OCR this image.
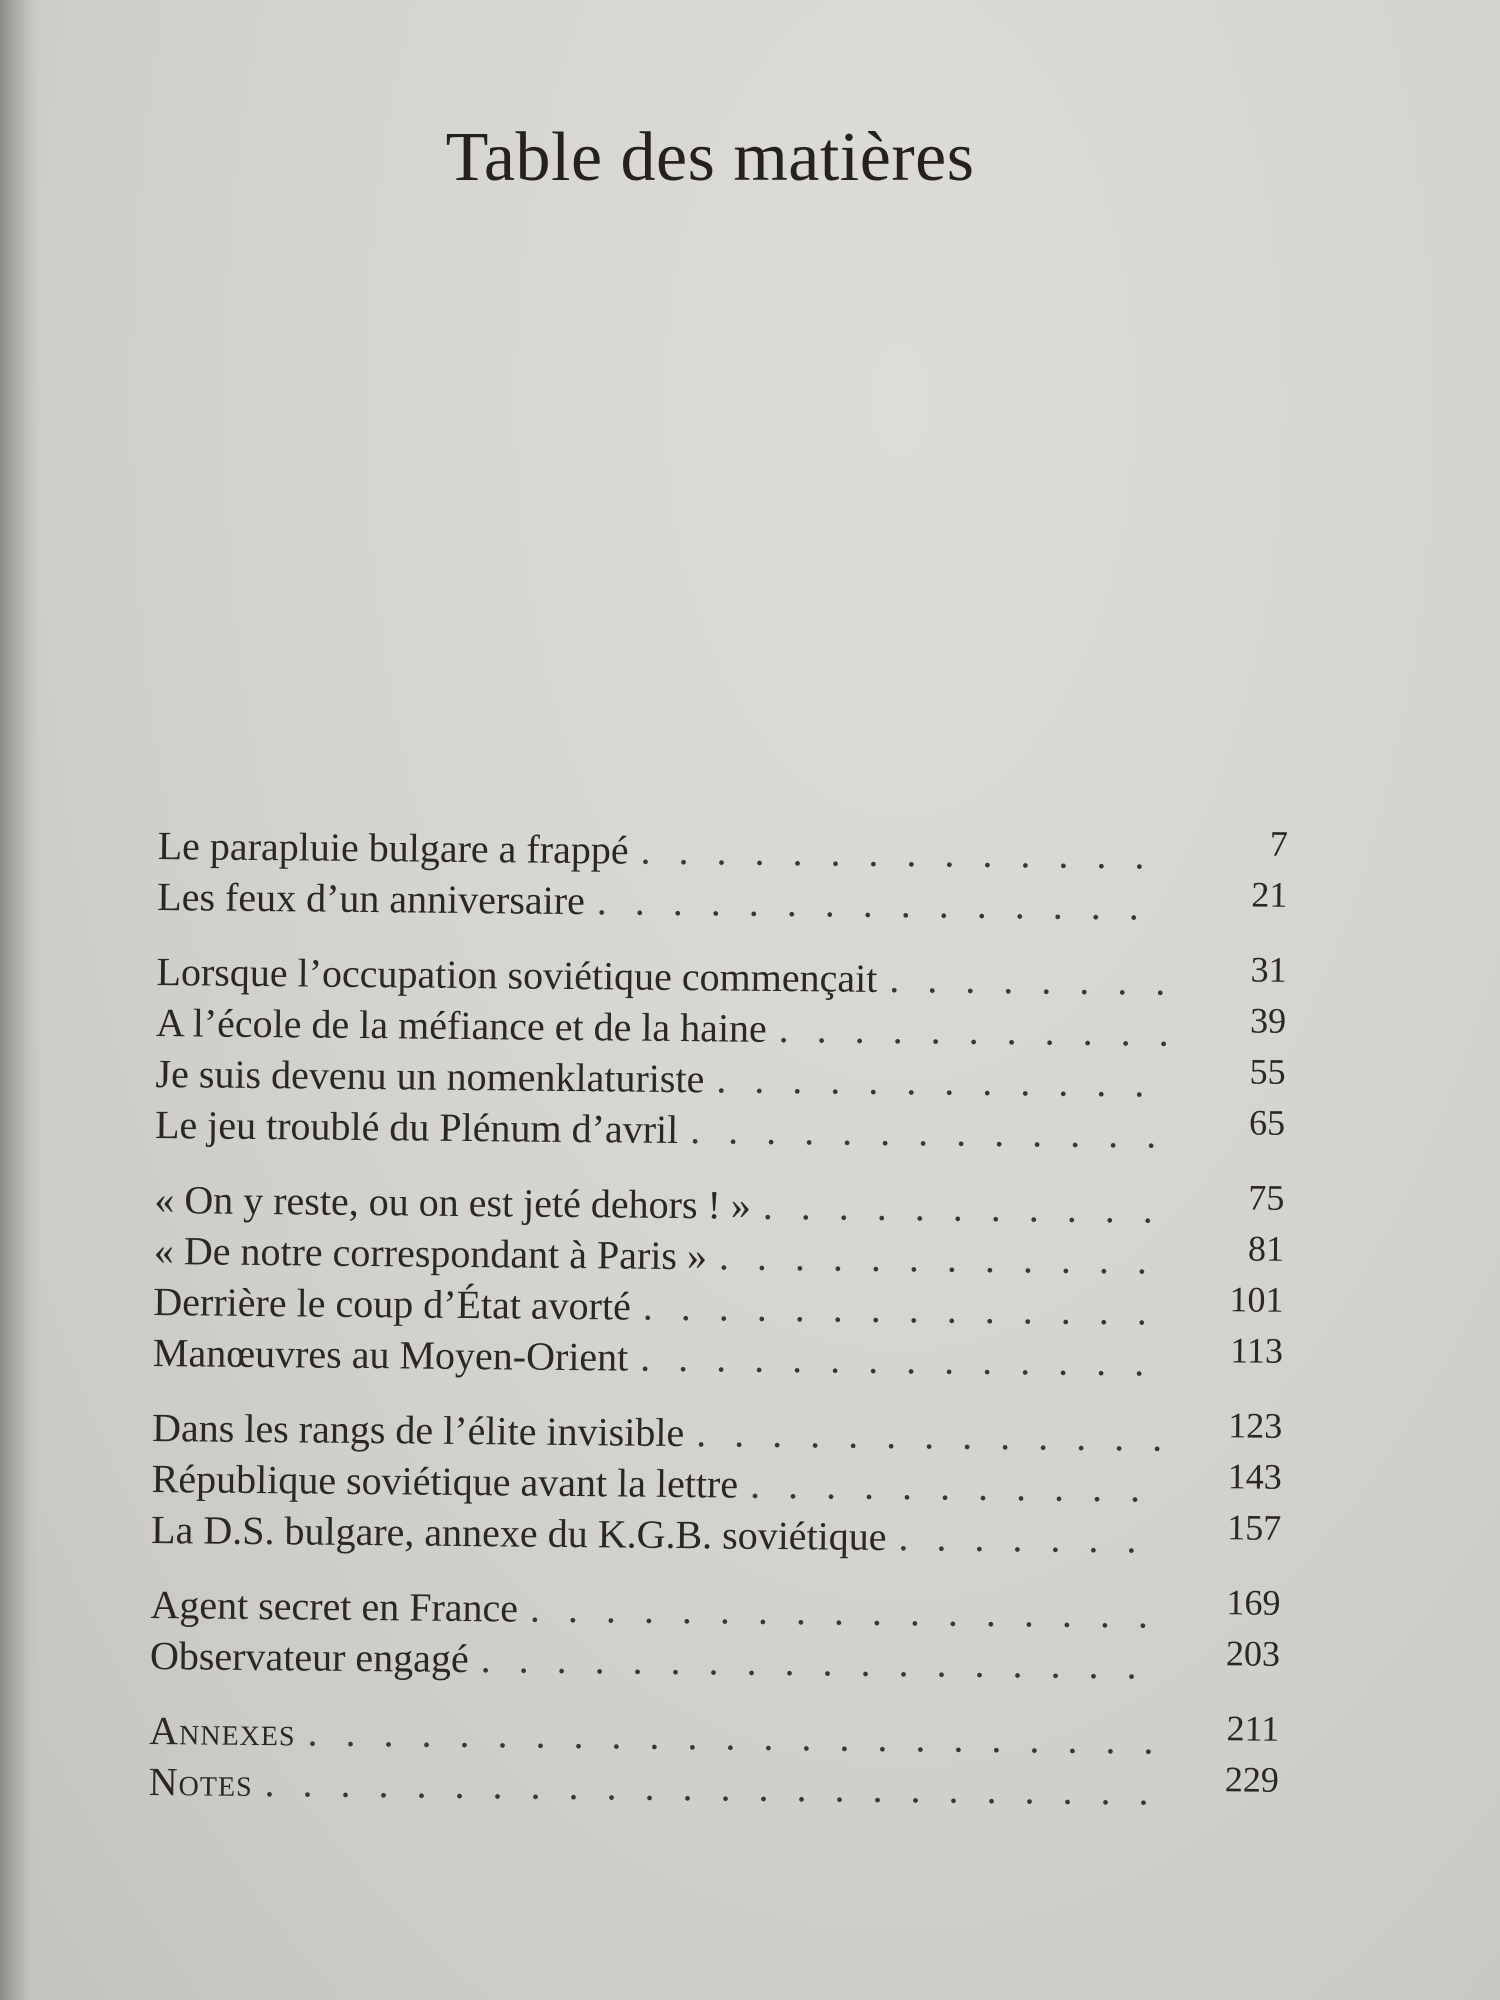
Table des matières
Le parapluie bulgare a frappé . . .	7
Les feux d’un anniversaire . . .	21
Lorsque l’occupation soviétique commençait . . .	31
A l’école de la méfiance et de la haine . . .	39
Je suis devenu un nomenklaturiste . . .	55
Le jeu troublé du Plénum d’avril . . .	65
« On y reste, ou on est jeté dehors ! » . . .	75
« De notre correspondant à Paris » . . .	81
Derrière le coup d’État avorté . . .	101
Manœuvres au Moyen-Orient . . .	113
Dans les rangs de l’élite invisible . . .	123
République soviétique avant la lettre . . .	143
La D.S. bulgare, annexe du K.G.B. soviétique . . .	157
Agent secret en France . . .	169
Observateur engagé . . .	203
Annexes . . .	211
Notes . . .	229
